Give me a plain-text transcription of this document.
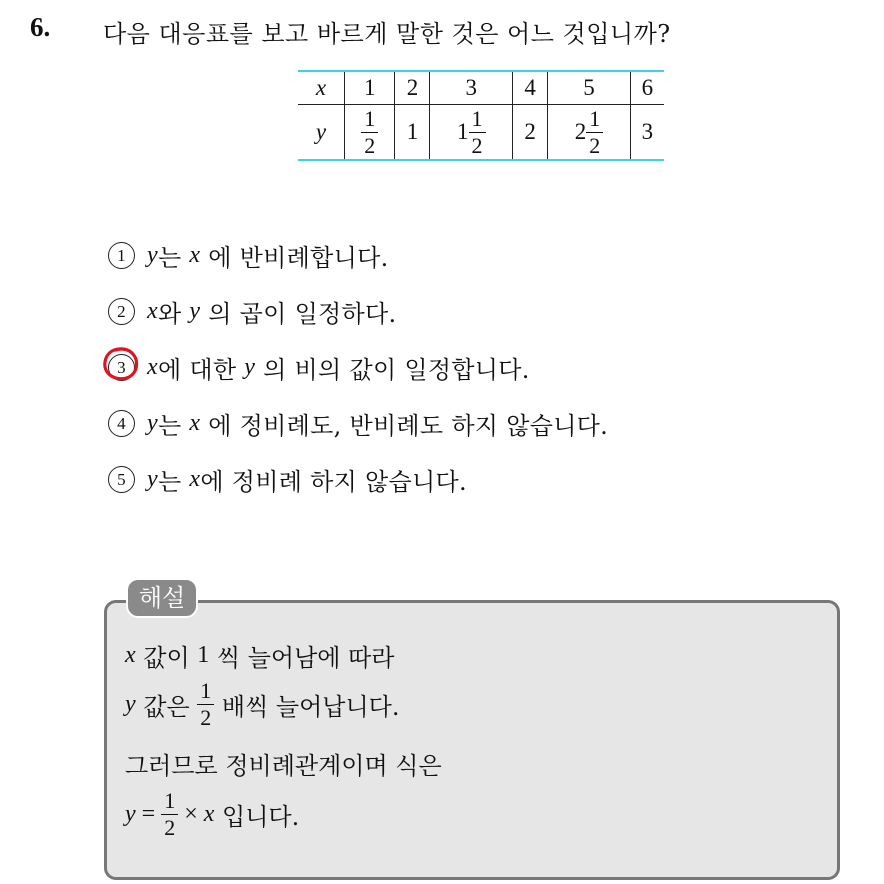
6. 다음 대응표를 보고 바르게 말한 것은 어느 것입니까?
x	1	2	3	4	5	6
y	$\frac{1}{2}$	1	$1 \frac{1}{2}$	2	$2 \frac{1}{2}$	3
1 y 는 x 에 반비례합니다.
2 x 와 y 의 곱이 일정하다.
3 x 에 대한 y 의 비의 값이 일정합니다.
4 y 는 x 에 정비례도, 반비례도 하지 않습니다.
5 y 는 x 에 정비례 하지 않습니다.
해설
x 값이 1 씩 늘어남에 따라
y 값은 $\frac{1}{2}$ 배씩 늘어납니다.
그러므로 정비례관계이며 식은
$y = \frac{1}{2} \times x$ 입니다.
